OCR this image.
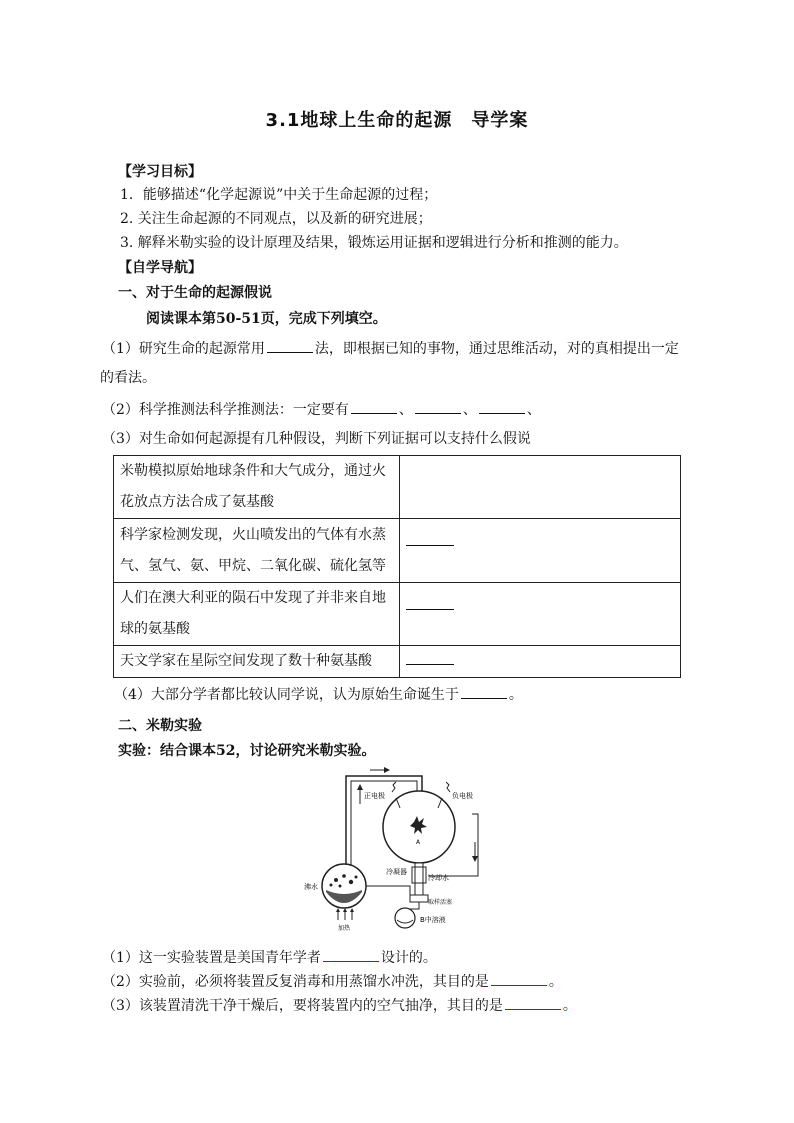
3.1地球上生命的起源　导学案
【学习目标】
1．能够描述“化学起源说”中关于生命起源的过程；
2. 关注生命起源的不同观点，以及新的研究进展；
3. 解释米勒实验的设计原理及结果，锻炼运用证据和逻辑进行分析和推测的能力。
【自学导航】
一、对于生命的起源假说
阅读课本第50-51页，完成下列填空。
（1）研究生命的起源常用	法，即根据已知的事物，通过思维活动，对的真相提出一定
的看法。
（2）科学推测法科学推测法：一定要有	、	、	、
（3）对生命如何起源提有几种假设，判断下列证据可以支持什么假说
米勒模拟原始地球条件和大气成分，通过火花放点方法合成了氨基酸	
科学家检测发现，火山喷发出的气体有水蒸气、氢气、氨、甲烷、二氧化碳、硫化氢等	
人们在澳大利亚的陨石中发现了并非来自地球的氨基酸	
天文学家在星际空间发现了数十种氨基酸	
（4）大部分学者都比较认同学说，认为原始生命诞生于	。
二、米勒实验
实验：结合课本52，讨论研究米勒实验。
A
正电极	负电极
冷凝器
冷却水
取样活塞
B中溶液
沸水
加热
（1）这一实验装置是美国青年学者	设计的。
（2）实验前，必须将装置反复消毒和用蒸馏水冲洗，其目的是	。
（3）该装置清洗干净干燥后，要将装置内的空气抽净，其目的是	。
